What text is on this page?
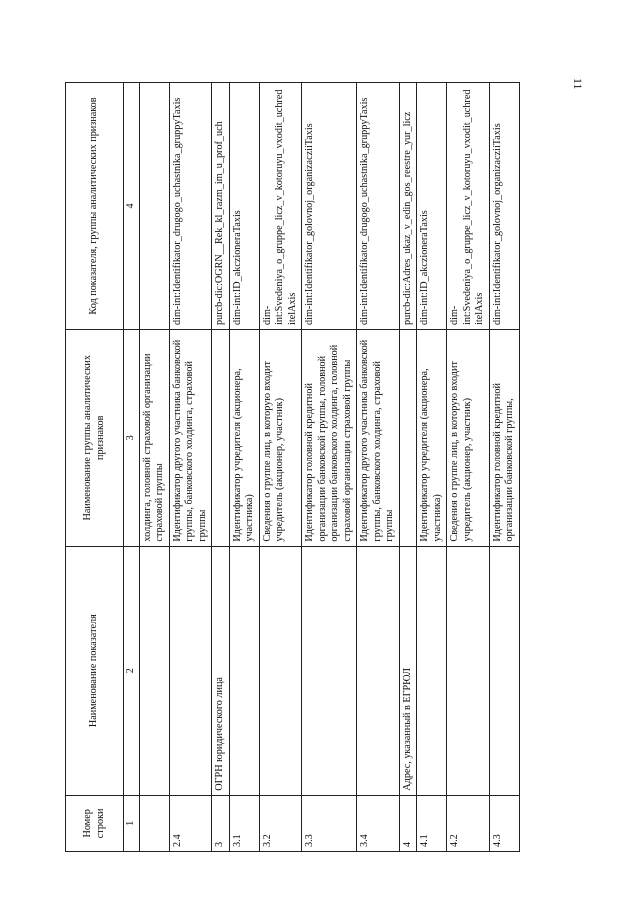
11
Номер строки	Наименование показателя	Наименование группы аналитических признаков	Код показателя, группы аналитических признаков
1	2	3	4
		холдинга, головной страховой организации страховой группы	
2.4		Идентификатор другого участника банковской группы, банковского холдинга, страховой группы	dim-int:Identifikator_drugogo_uchastnika_gruppyTaxis
3	ОГРН юридического лица		purcb-dic:OGRN__Rek_kl_razm_im_u_prof_uch
3.1		Идентификатор учредителя (акционера, участника)	dim-int:ID_akczioneraTaxis
3.2		Сведения о группе лиц, в которую входит учредитель (акционер, участник)	dim-int:Svedeniya_o_gruppe_licz_v_kotoruyu_vxodit_uchreditelAxis
3.3		Идентификатор головной кредитной организации банковской группы, головной организации банковского холдинга, головной страховой организации страховой группы	dim-int:Identifikator_golovnoj_organizacziiTaxis
3.4		Идентификатор другого участника банковской группы, банковского холдинга, страховой группы	dim-int:Identifikator_drugogo_uchastnika_gruppyTaxis
4	Адрес, указанный в ЕГРЮЛ		purcb-dic:Adres_ukaz_v_edin_gos_reestre_yur_licz
4.1		Идентификатор учредителя (акционера, участника)	dim-int:ID_akczioneraTaxis
4.2		Сведения о группе лиц, в которую входит учредитель (акционер, участник)	dim-int:Svedeniya_o_gruppe_licz_v_kotoruyu_vxodit_uchreditelAxis
4.3		Идентификатор головной кредитной организации банковской группы,	dim-int:Identifikator_golovnoj_organizacziiTaxis
